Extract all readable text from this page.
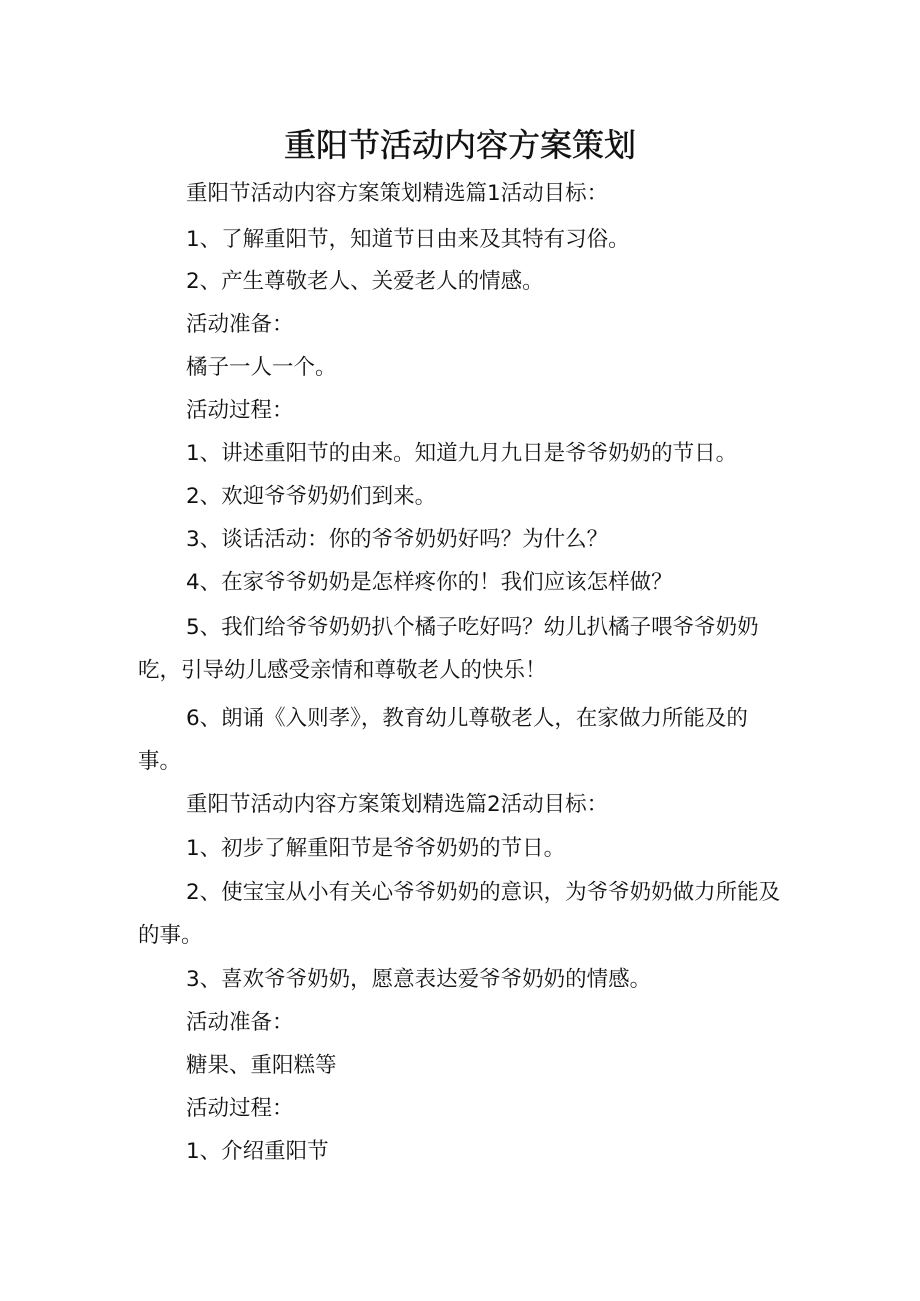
重阳节活动内容方案策划

重阳节活动内容方案策划精选篇1活动目标：

1、了解重阳节，知道节日由来及其特有习俗。

2、产生尊敬老人、关爱老人的情感。

活动准备：

橘子一人一个。

活动过程：

1、讲述重阳节的由来。知道九月九日是爷爷奶奶的节日。

2、欢迎爷爷奶奶们到来。

3、谈话活动：你的爷爷奶奶好吗？为什么？

4、在家爷爷奶奶是怎样疼你的！我们应该怎样做？

5、我们给爷爷奶奶扒个橘子吃好吗？幼儿扒橘子喂爷爷奶奶吃，引导幼儿感受亲情和尊敬老人的快乐！

6、朗诵《入则孝》，教育幼儿尊敬老人，在家做力所能及的事。

重阳节活动内容方案策划精选篇2活动目标：

1、初步了解重阳节是爷爷奶奶的节日。

2、使宝宝从小有关心爷爷奶奶的意识，为爷爷奶奶做力所能及的事。

3、喜欢爷爷奶奶，愿意表达爱爷爷奶奶的情感。

活动准备：

糖果、重阳糕等

活动过程：

1、介绍重阳节
